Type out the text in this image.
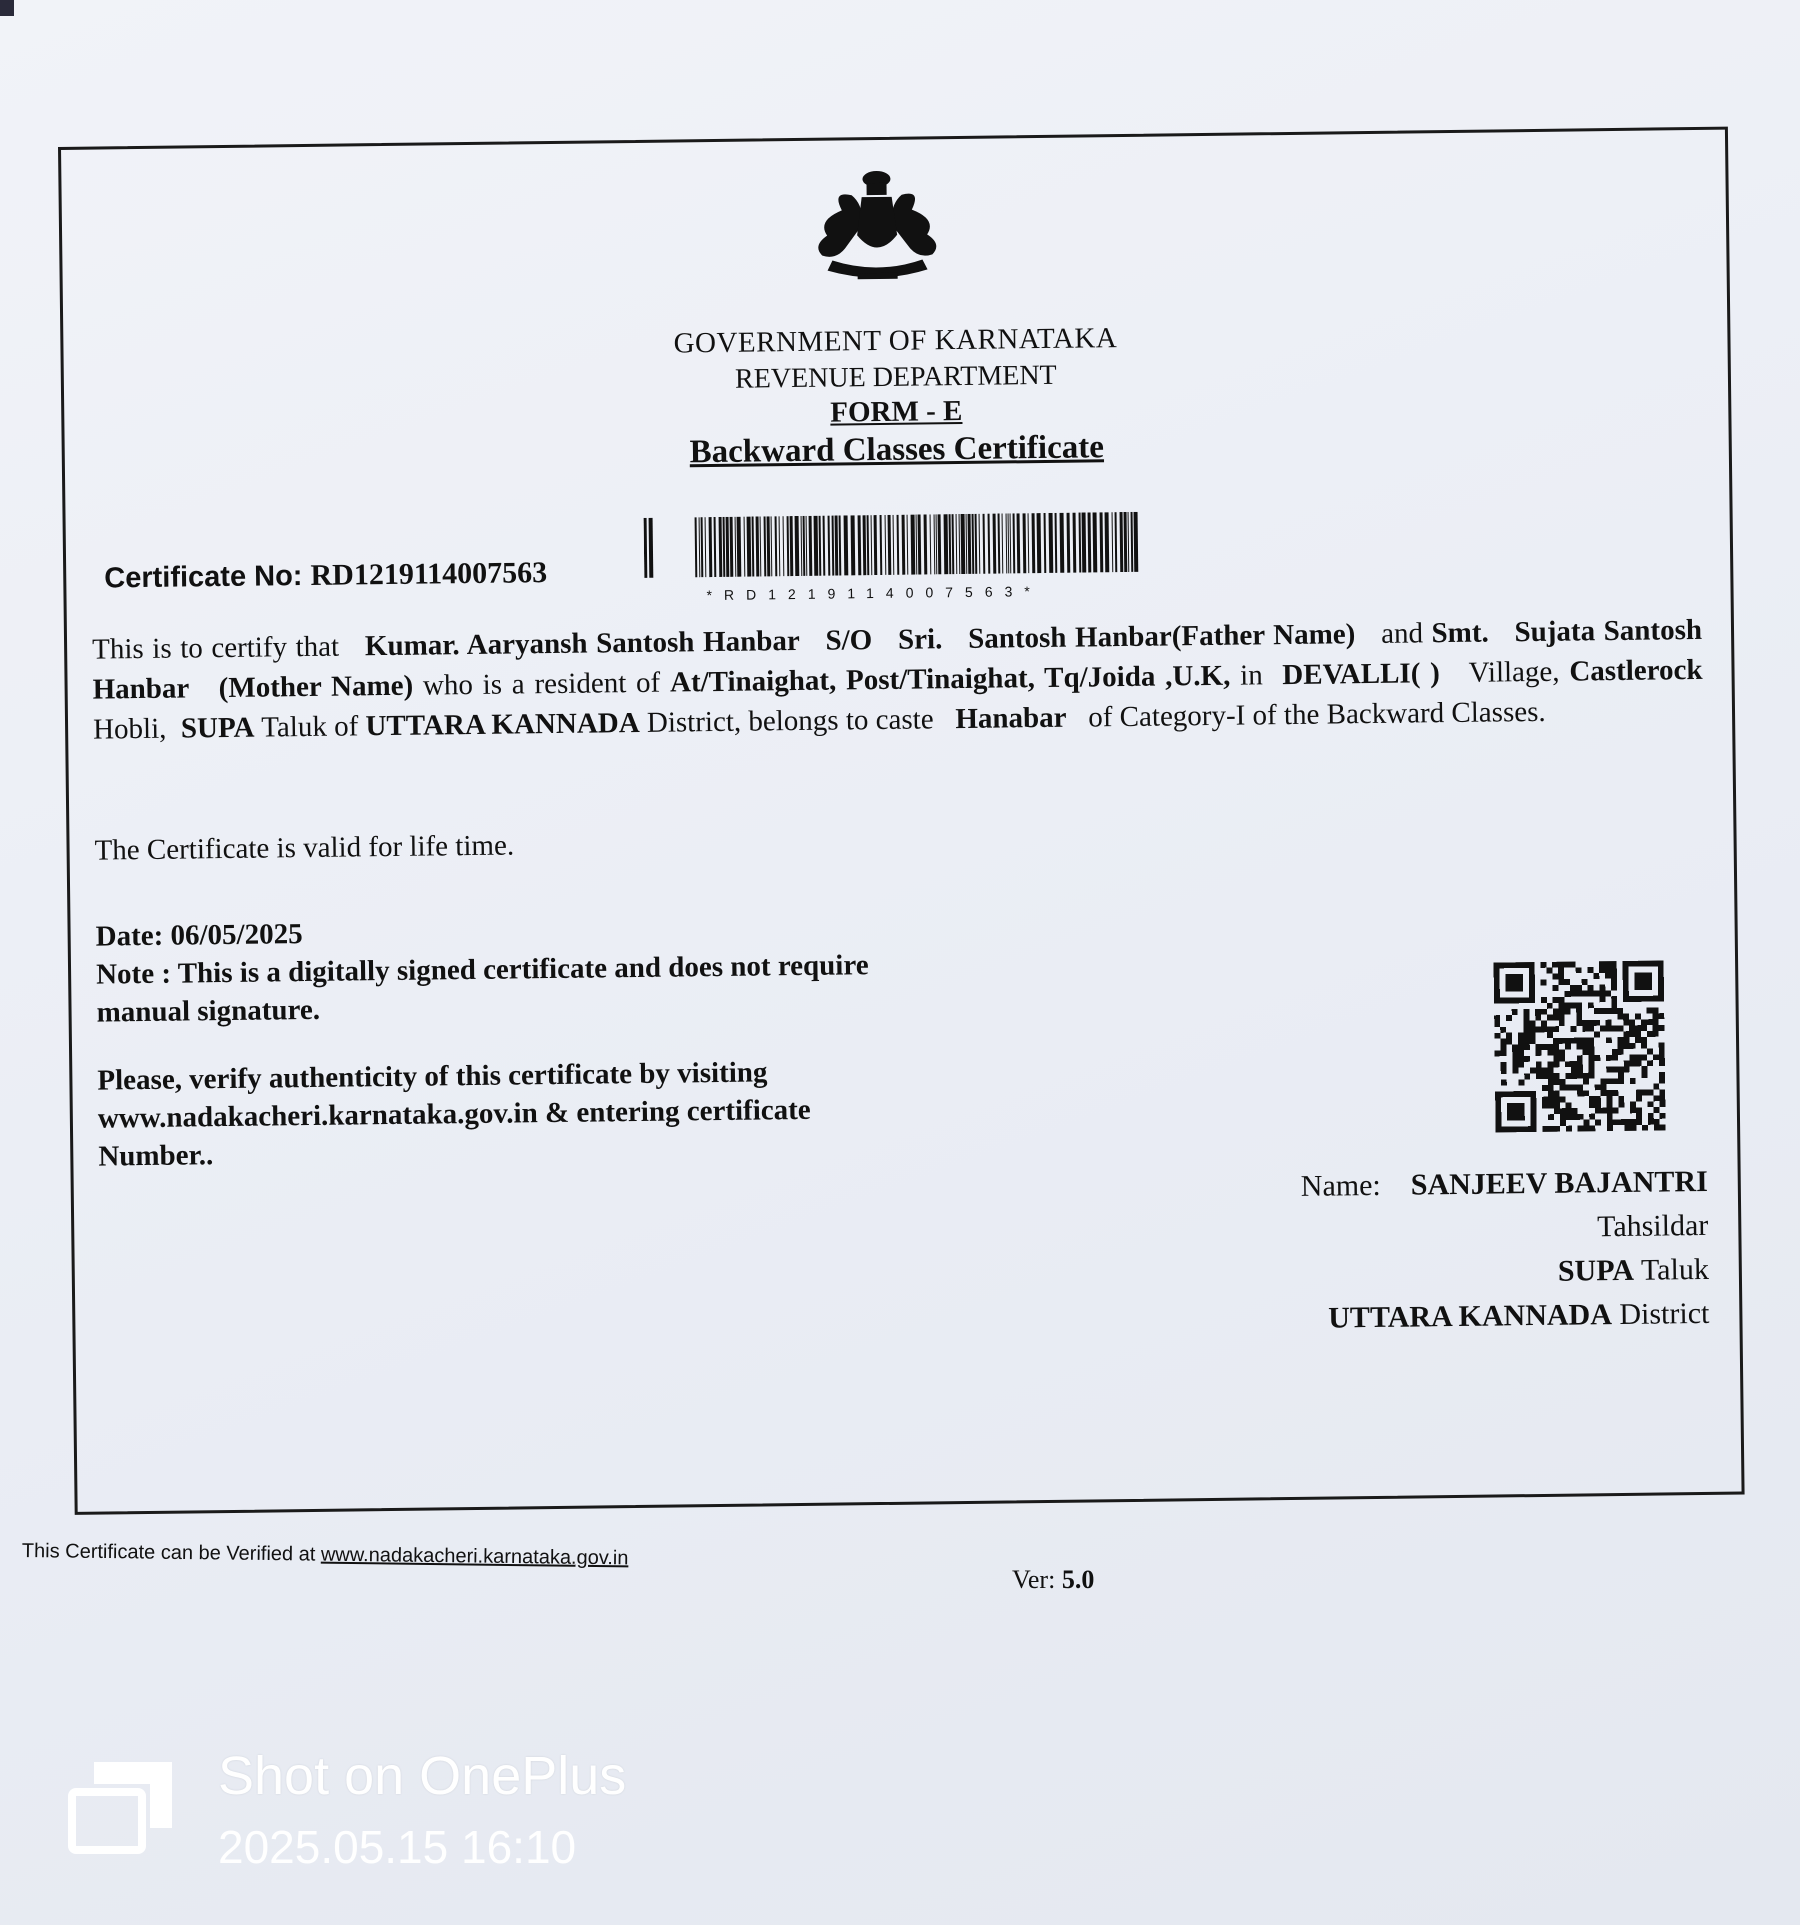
GOVERNMENT OF KARNATAKA
REVENUE DEPARTMENT
FORM - E
Backward Classes Certificate
Certificate No: RD1219114007563
*RD1219114007563*
This is to certify that Kumar. Aaryansh Santosh Hanbar S/O Sri. Santosh Hanbar(Father Name) and Smt. Sujata Santosh Hanbar (Mother Name) who is a resident of At/Tinaighat, Post/Tinaighat, Tq/Joida ,U.K, in DEVALLI( ) Village, Castlerock Hobli, SUPA Taluk of UTTARA KANNADA District, belongs to caste Hanabar of Category-I of the Backward Classes.
The Certificate is valid for life time.
Date: 06/05/2025
Note : This is a digitally signed certificate and does not require manual signature.
Please, verify authenticity of this certificate by visiting www.nadakacheri.karnataka.gov.in & entering certificate Number..
Name: SANJEEV BAJANTRI
Tahsildar
SUPA Taluk
UTTARA KANNADA District
This Certificate can be Verified at www.nadakacheri.karnataka.gov.in
Ver: 5.0
Shot on OnePlus
2025.05.15 16:10
